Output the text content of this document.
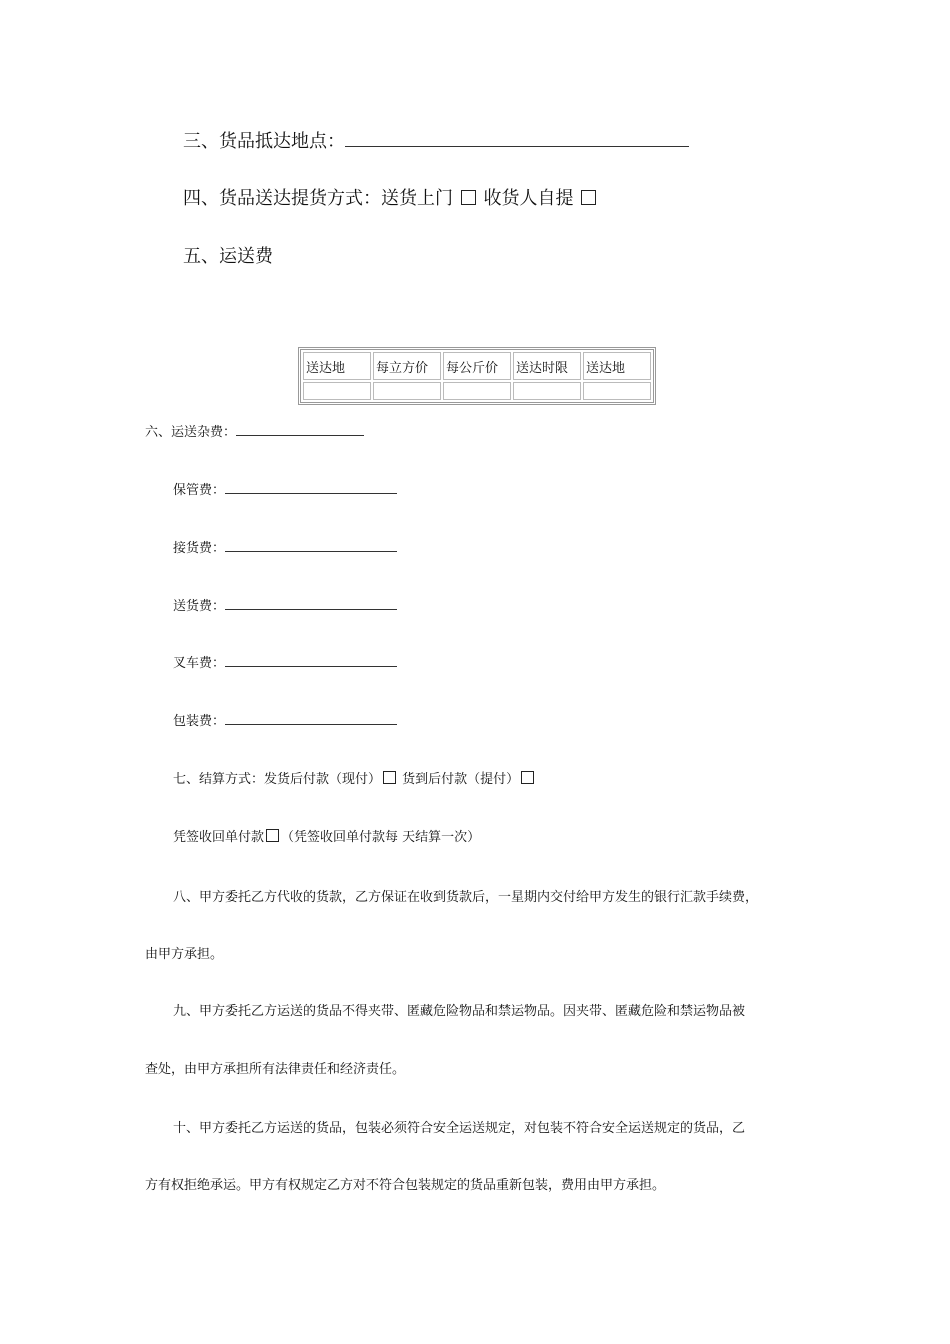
三、货品抵达地点：
四、货品送达提货方式：送货上门 收货人自提
五、运送费
送达地	每立方价	每公斤价	送达时限	送达地

六、运送杂费：
保管费：
接货费：
送货费：
叉车费：
包装费：
七、结算方式：发货后付款（现付） 货到后付款（提付）
凭签收回单付款 （凭签收回单付款每 天结算一次）
八、甲方委托乙方代收的货款，乙方保证在收到货款后，一星期内交付给甲方发生的银行汇款手续费，
由甲方承担。
九、甲方委托乙方运送的货品不得夹带、匿藏危险物品和禁运物品。因夹带、匿藏危险和禁运物品被
查处，由甲方承担所有法律责任和经济责任。
十、甲方委托乙方运送的货品，包装必须符合安全运送规定，对包装不符合安全运送规定的货品，乙
方有权拒绝承运。甲方有权规定乙方对不符合包装规定的货品重新包装，费用由甲方承担。
